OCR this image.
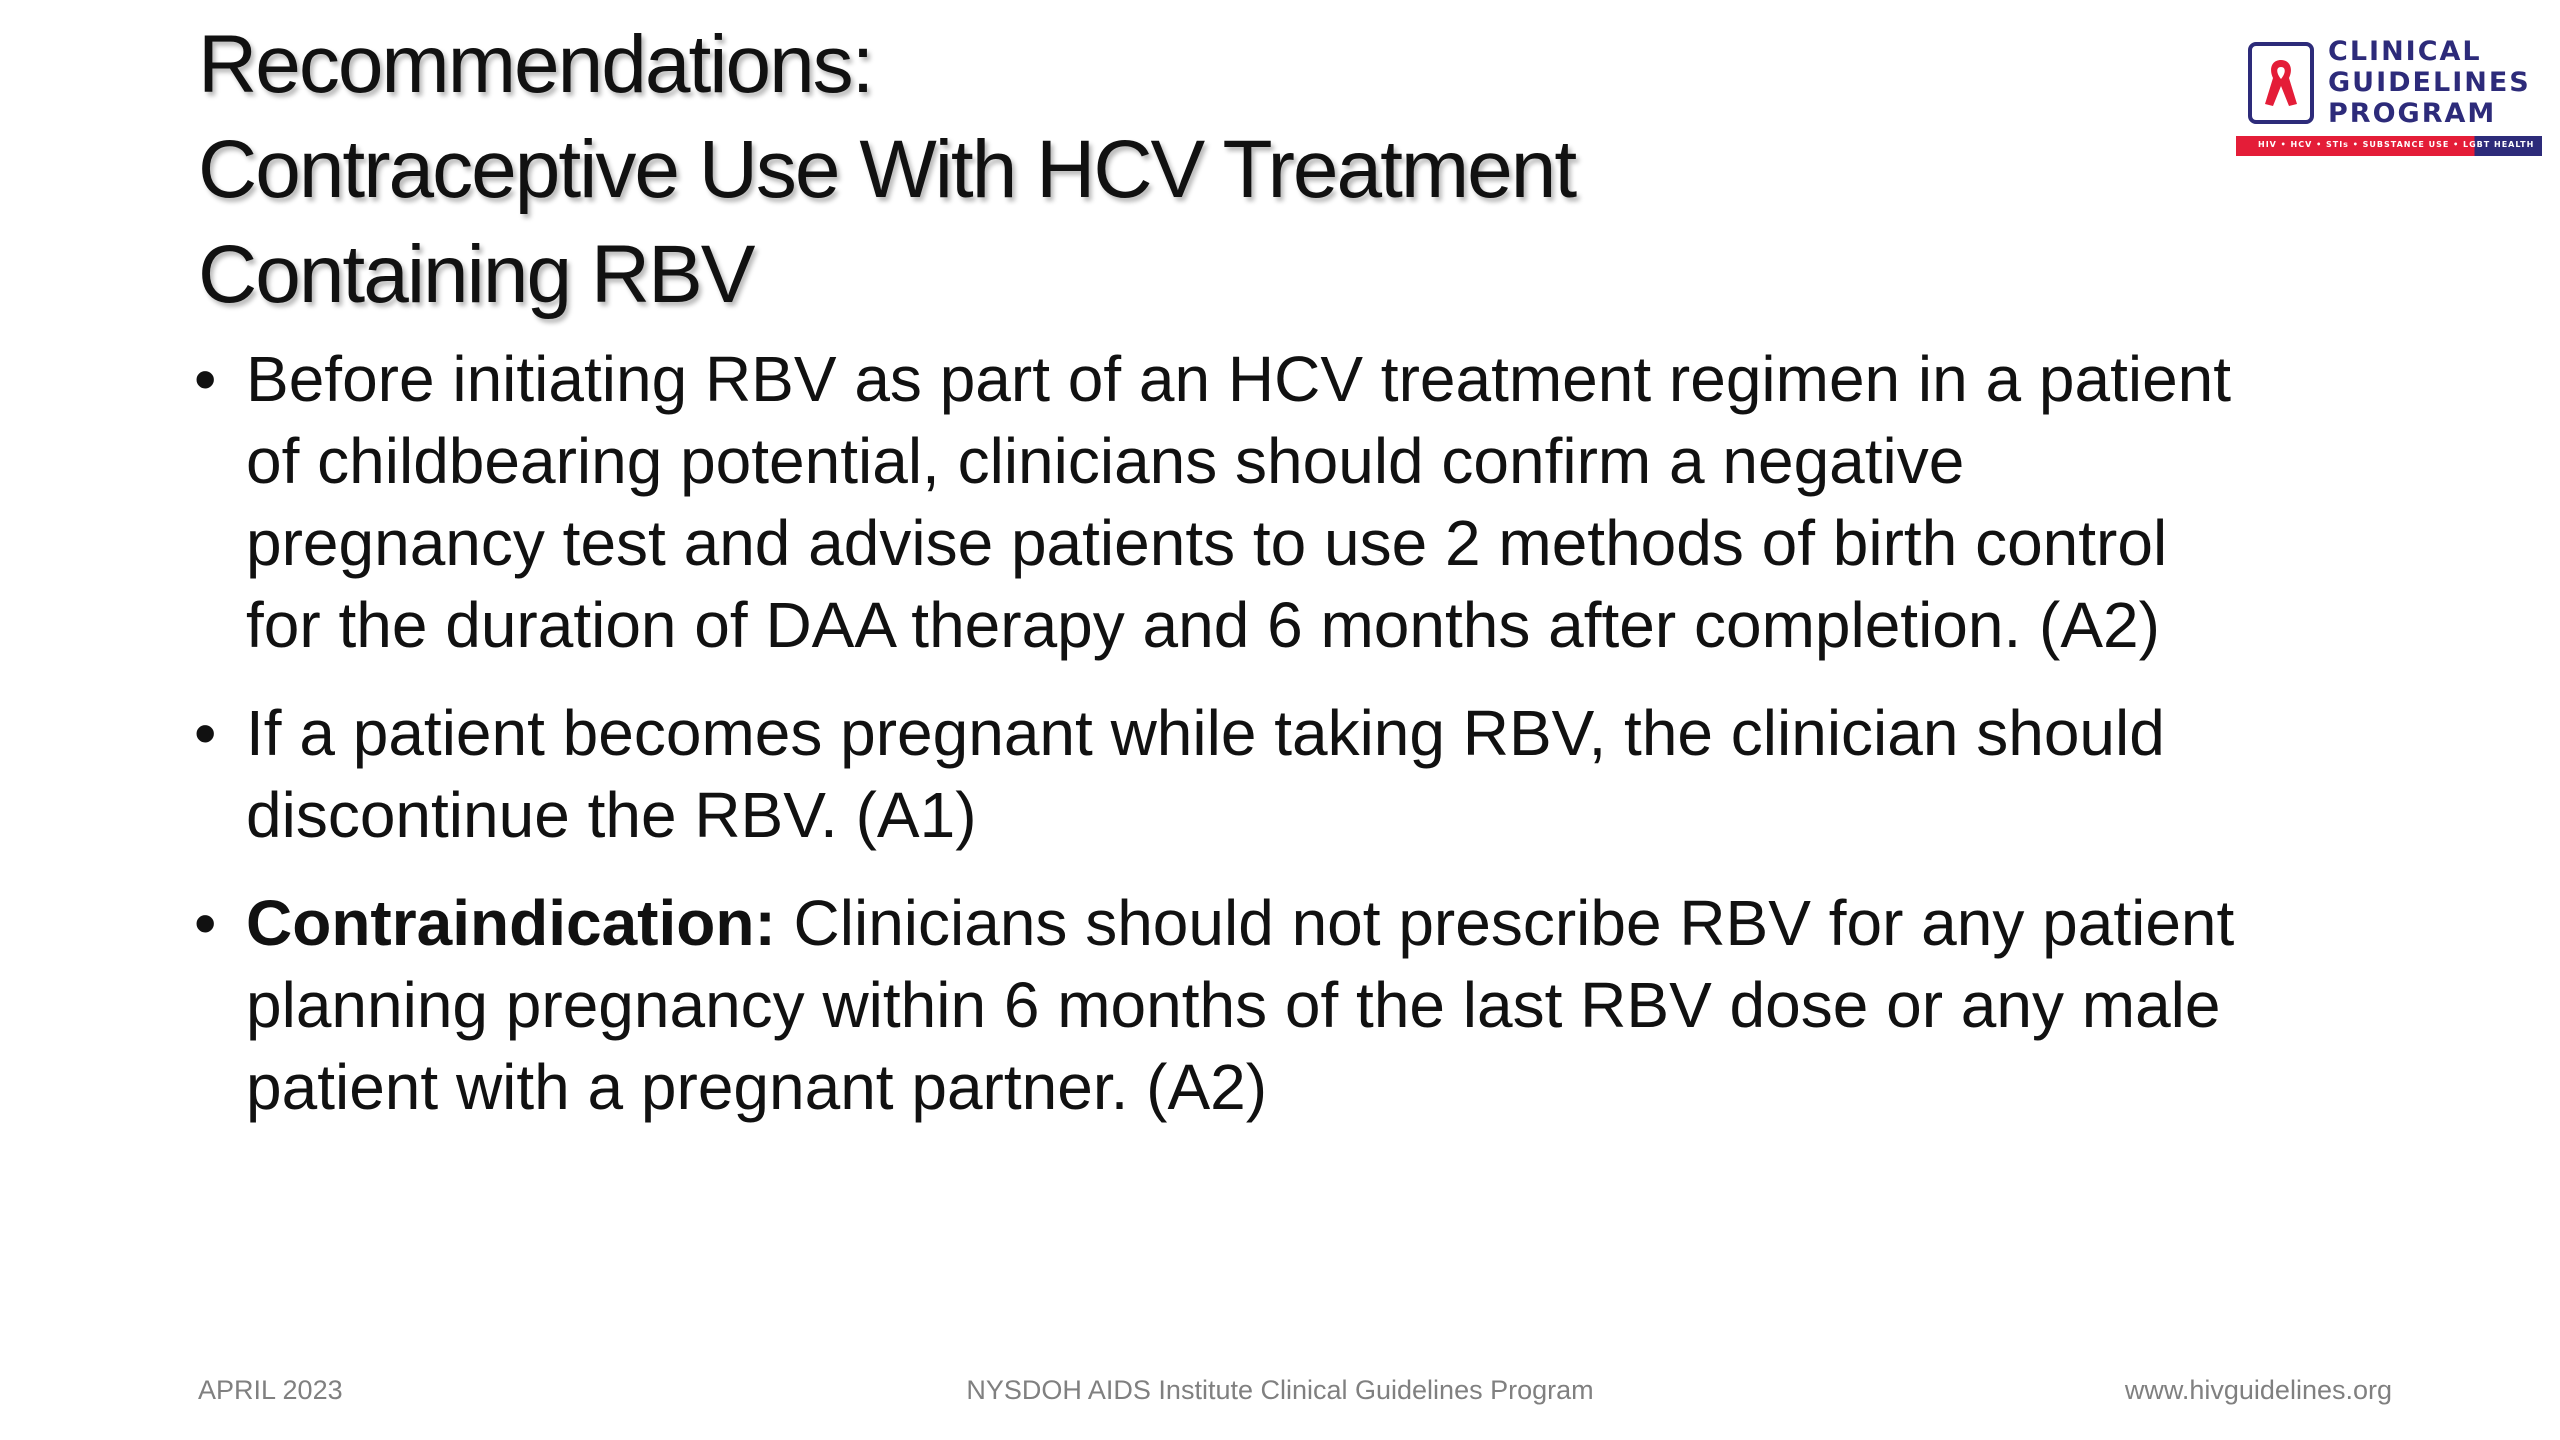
Recommendations:
Contraceptive Use With HCV Treatment
Containing RBV
CLINICAL
GUIDELINES
PROGRAM
HIV • HCV • STIs • SUBSTANCE USE • LGBT HEALTH
• Before initiating RBV as part of an HCV treatment regimen in a patient
of childbearing potential, clinicians should confirm a negative
pregnancy test and advise patients to use 2 methods of birth control
for the duration of DAA therapy and 6 months after completion. (A2)
• If a patient becomes pregnant while taking RBV, the clinician should
discontinue the RBV. (A1)
• Contraindication: Clinicians should not prescribe RBV for any patient
planning pregnancy within 6 months of the last RBV dose or any male
patient with a pregnant partner. (A2)
APRIL 2023	NYSDOH AIDS Institute Clinical Guidelines Program	www.hivguidelines.org
